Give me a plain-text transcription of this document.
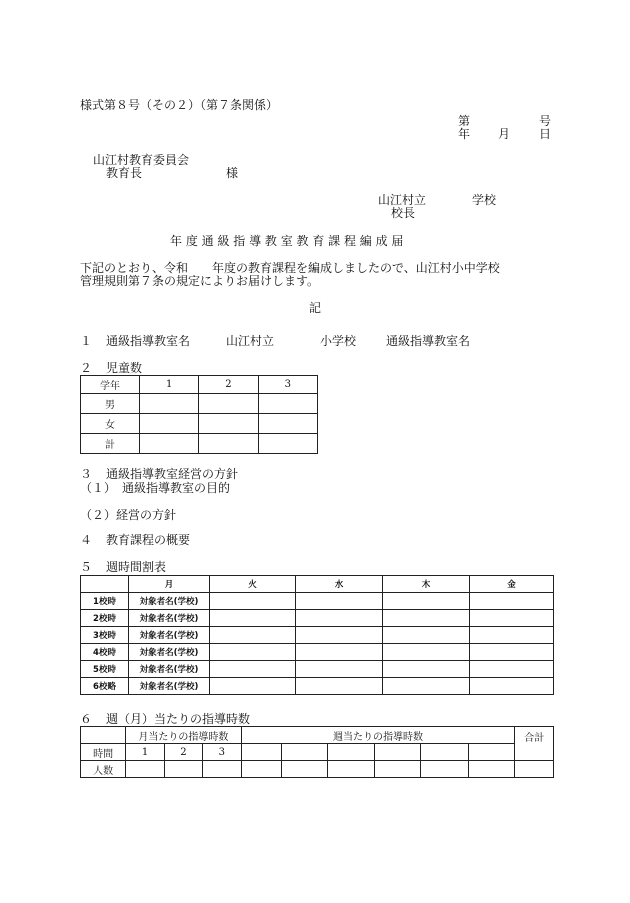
様式第８号（その２）（第７条関係）
第	号
年 月 日
山江村教育委員会
教育長	様
山江村立	学校
校長
年 度 通 級 指 導 教 室 教 育 課 程 編 成 届
下記のとおり、令和　　年度の教育課程を編成しましたので、山江村小中学校
管理規則第７条の規定によりお届けします。
記
１ 通級指導教室名	山江村立	小学校 通級指導教室名
２ 児童数
学年	1	2	3
男			
女			
計			
３ 通級指導教室経営の方針
（１）　通級指導教室の目的
（２）経営の方針
４ 教育課程の概要
５ 週時間割表
	月	火	水	木	金
1校時	対象者名(学校)				
2校時	対象者名(学校)				
3校時	対象者名(学校)				
4校時	対象者名(学校)				
5校時	対象者名(学校)				
6校略	対象者名(学校)				
６ 週（月）当たりの指導時数
	月当たりの指導時数			週当たりの指導時数						合計
時間	1	2	3							
人数										
